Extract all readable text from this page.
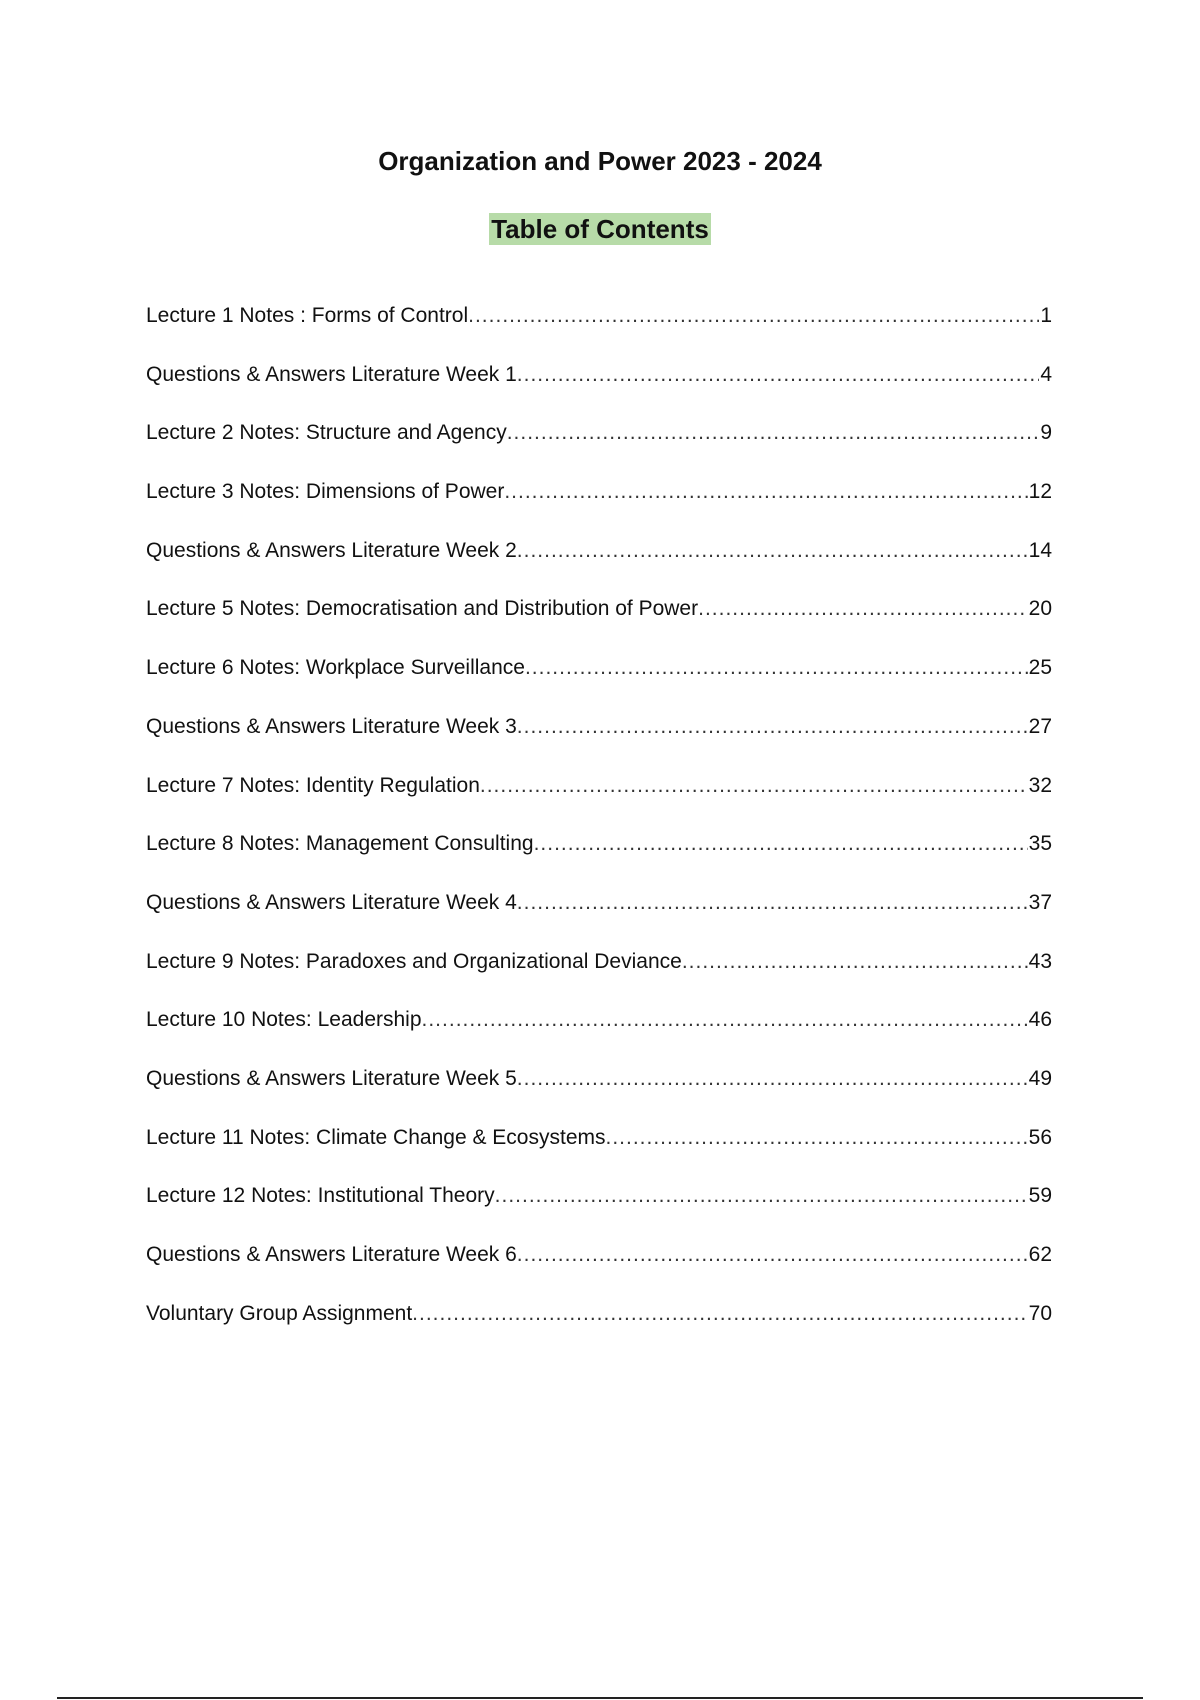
Organization and Power 2023 - 2024
Table of Contents
Lecture 1 Notes : Forms of Control .....	1
Questions & Answers Literature Week 1 .....	4
Lecture 2 Notes: Structure and Agency .....	9
Lecture 3 Notes: Dimensions of Power .....	12
Questions & Answers Literature Week 2 .....	14
Lecture 5 Notes: Democratisation and Distribution of Power .....	20
Lecture 6 Notes: Workplace Surveillance .....	25
Questions & Answers Literature Week 3 .....	27
Lecture 7 Notes: Identity Regulation .....	32
Lecture 8 Notes: Management Consulting .....	35
Questions & Answers Literature Week 4 .....	37
Lecture 9 Notes: Paradoxes and Organizational Deviance .....	43
Lecture 10 Notes: Leadership .....	46
Questions & Answers Literature Week 5 .....	49
Lecture 11 Notes: Climate Change & Ecosystems .....	56
Lecture 12 Notes: Institutional Theory .....	59
Questions & Answers Literature Week 6 .....	62
Voluntary Group Assignment .....	70
